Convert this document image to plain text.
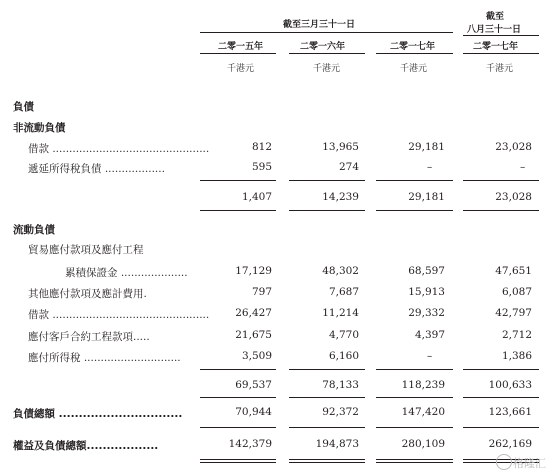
截至三月三十一日
截至
八月三十一日
二零一五年	二零一六年	二零一七年	二零一七年
千港元	千港元	千港元	千港元
負債
非流動負債
借款 ...............................................	812	13,965	29,181	23,028
遞延所得稅負債 ..................	595	274	–	–
1,407	14,239	29,181	23,028
流動負債
貿易應付款項及應付工程
累積保證金 ....................	17,129	48,302	68,597	47,651
其他應付款項及應計費用.	797	7,687	15,913	6,087
借款 ............................................... 26,427	11,214	29,332	42,797
應付客戶合約工程款項.....	21,675	4,770	4,397	2,712
應付所得稅 .............................	3,509	6,160	–	1,386
69,537	78,133	118,239	100,633
負債總額 ...............................	70,944	92,372	147,420	123,661
權益及負債總額..................	142,379	194,873	280,109	262,169
格隆汇
